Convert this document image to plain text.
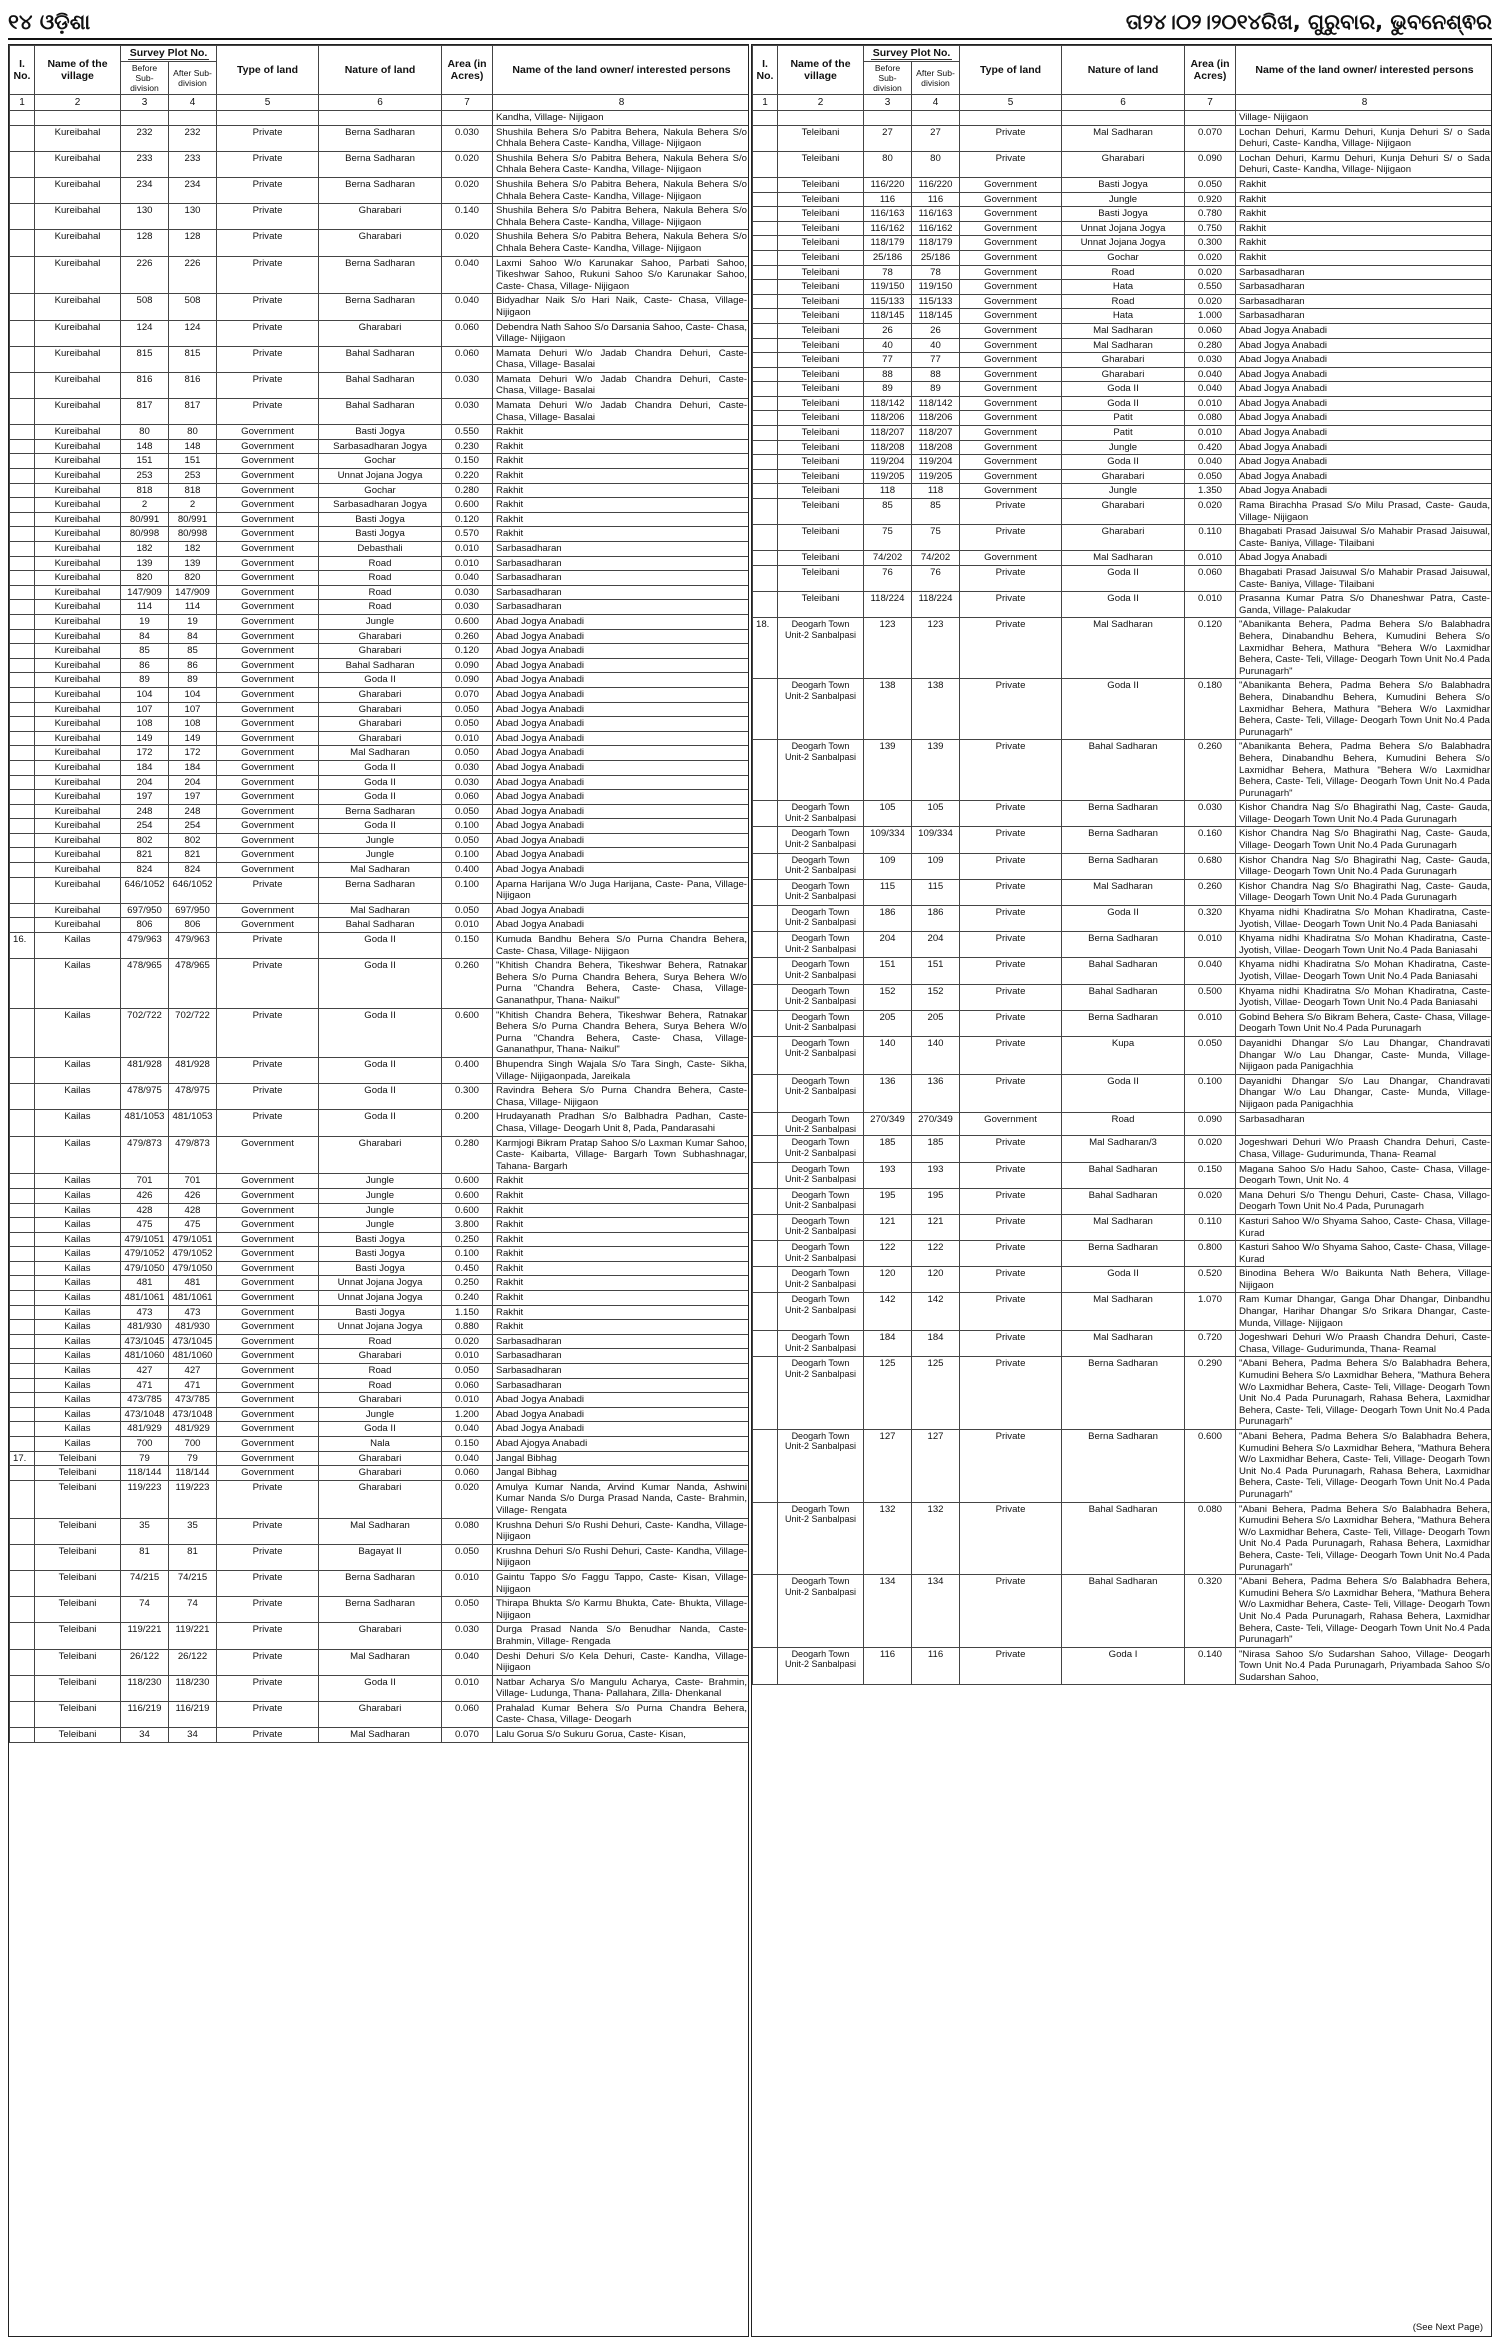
୧୪ ଓଡ଼ିଶା	ତା୨୪।୦୨।୨୦୧୪ରିଖ, ଗୁରୁବାର, ଭୁବନେଶ୍ଵର
I. No.	Name of the village	Survey Plot No.		Type of land	Nature of land	Area (in Acres)	Name of the land owner/ interested persons
		Before Sub-division	After Sub-division				
1	2	3	4	5	6	7	8
							Kandha, Village- Nijigaon
	Kureibahal	232	232	Private	Berna Sadharan	0.030	Shushila Behera S/o Pabitra Behera, Nakula Behera S/o Chhala Behera Caste- Kandha, Village- Nijigaon
	Kureibahal	233	233	Private	Berna Sadharan	0.020	Shushila Behera S/o Pabitra Behera, Nakula Behera S/o Chhala Behera Caste- Kandha, Village- Nijigaon
	Kureibahal	234	234	Private	Berna Sadharan	0.020	Shushila Behera S/o Pabitra Behera, Nakula Behera S/o Chhala Behera Caste- Kandha, Village- Nijigaon
	Kureibahal	130	130	Private	Gharabari	0.140	Shushila Behera S/o Pabitra Behera, Nakula Behera S/o Chhala Behera Caste- Kandha, Village- Nijigaon
	Kureibahal	128	128	Private	Gharabari	0.020	Shushila Behera S/o Pabitra Behera, Nakula Behera S/o Chhala Behera Caste- Kandha, Village- Nijigaon
	Kureibahal	226	226	Private	Berna Sadharan	0.040	Laxmi Sahoo W/o Karunakar Sahoo, Parbati Sahoo, Tikeshwar Sahoo, Rukuni Sahoo S/o Karunakar Sahoo, Caste- Chasa, Village- Nijigaon
	Kureibahal	508	508	Private	Berna Sadharan	0.040	Bidyadhar Naik S/o Hari Naik, Caste- Chasa, Village- Nijigaon
	Kureibahal	124	124	Private	Gharabari	0.060	Debendra Nath Sahoo S/o Darsania Sahoo, Caste- Chasa, Village- Nijigaon
	Kureibahal	815	815	Private	Bahal Sadharan	0.060	Mamata Dehuri W/o Jadab Chandra Dehuri, Caste- Chasa, Village- Basalai
	Kureibahal	816	816	Private	Bahal Sadharan	0.030	Mamata Dehuri W/o Jadab Chandra Dehuri, Caste- Chasa, Village- Basalai
	Kureibahal	817	817	Private	Bahal Sadharan	0.030	Mamata Dehuri W/o Jadab Chandra Dehuri, Caste- Chasa, Village- Basalai
	Kureibahal	80	80	Government	Basti Jogya	0.550	Rakhit
	Kureibahal	148	148	Government	Sarbasadharan Jogya	0.230	Rakhit
	Kureibahal	151	151	Government	Gochar	0.150	Rakhit
	Kureibahal	253	253	Government	Unnat Jojana Jogya	0.220	Rakhit
	Kureibahal	818	818	Government	Gochar	0.280	Rakhit
	Kureibahal	2	2	Government	Sarbasadharan Jogya	0.600	Rakhit
	Kureibahal	80/991	80/991	Government	Basti Jogya	0.120	Rakhit
	Kureibahal	80/998	80/998	Government	Basti Jogya	0.570	Rakhit
	Kureibahal	182	182	Government	Debasthali	0.010	Sarbasadharan
	Kureibahal	139	139	Government	Road	0.010	Sarbasadharan
	Kureibahal	820	820	Government	Road	0.040	Sarbasadharan
	Kureibahal	147/909	147/909	Government	Road	0.030	Sarbasadharan
	Kureibahal	114	114	Government	Road	0.030	Sarbasadharan
	Kureibahal	19	19	Government	Jungle	0.600	Abad Jogya Anabadi
	Kureibahal	84	84	Government	Gharabari	0.260	Abad Jogya Anabadi
	Kureibahal	85	85	Government	Gharabari	0.120	Abad Jogya Anabadi
	Kureibahal	86	86	Government	Bahal Sadharan	0.090	Abad Jogya Anabadi
	Kureibahal	89	89	Government	Goda II	0.090	Abad Jogya Anabadi
	Kureibahal	104	104	Government	Gharabari	0.070	Abad Jogya Anabadi
	Kureibahal	107	107	Government	Gharabari	0.050	Abad Jogya Anabadi
	Kureibahal	108	108	Government	Gharabari	0.050	Abad Jogya Anabadi
	Kureibahal	149	149	Government	Gharabari	0.010	Abad Jogya Anabadi
	Kureibahal	172	172	Government	Mal Sadharan	0.050	Abad Jogya Anabadi
	Kureibahal	184	184	Government	Goda II	0.030	Abad Jogya Anabadi
	Kureibahal	204	204	Government	Goda II	0.030	Abad Jogya Anabadi
	Kureibahal	197	197	Government	Goda II	0.060	Abad Jogya Anabadi
	Kureibahal	248	248	Government	Berna Sadharan	0.050	Abad Jogya Anabadi
	Kureibahal	254	254	Government	Goda II	0.100	Abad Jogya Anabadi
	Kureibahal	802	802	Government	Jungle	0.050	Abad Jogya Anabadi
	Kureibahal	821	821	Government	Jungle	0.100	Abad Jogya Anabadi
	Kureibahal	824	824	Government	Mal Sadharan	0.400	Abad Jogya Anabadi
	Kureibahal	646/1052	646/1052	Private	Berna Sadharan	0.100	Aparna Harijana W/o Juga Harijana, Caste- Pana, Village- Nijigaon
	Kureibahal	697/950	697/950	Government	Mal Sadharan	0.050	Abad Jogya Anabadi
	Kureibahal	806	806	Government	Bahal Sadharan	0.010	Abad Jogya Anabadi
16.	Kailas	479/963	479/963	Private	Goda II	0.150	Kumuda Bandhu Behera S/o Purna Chandra Behera, Caste- Chasa, Village- Nijigaon
	Kailas	478/965	478/965	Private	Goda II	0.260	"Khitish Chandra Behera, Tikeshwar Behera, Ratnakar Behera S/o Purna Chandra Behera, Surya Behera W/o Purna "Chandra Behera, Caste- Chasa, Village- Gananathpur, Thana- Naikul"
	Kailas	702/722	702/722	Private	Goda II	0.600	"Khitish Chandra Behera, Tikeshwar Behera, Ratnakar Behera S/o Purna Chandra Behera, Surya Behera W/o Purna "Chandra Behera, Caste- Chasa, Village- Gananathpur, Thana- Naikul"
	Kailas	481/928	481/928	Private	Goda II	0.400	Bhupendra Singh Wajala S/o Tara Singh, Caste- Sikha, Village- Nijigaonpada, Jareikala
	Kailas	478/975	478/975	Private	Goda II	0.300	Ravindra Behera S/o Purna Chandra Behera, Caste- Chasa, Village- Nijigaon
	Kailas	481/1053	481/1053	Private	Goda II	0.200	Hrudayanath Pradhan S/o Balbhadra Padhan, Caste- Chasa, Village- Deogarh Unit 8, Pada, Pandarasahi
	Kailas	479/873	479/873	Government	Gharabari	0.280	Karmjogi Bikram Pratap Sahoo S/o Laxman Kumar Sahoo, Caste- Kaibarta, Village- Bargarh Town Subhashnagar, Tahana- Bargarh
	Kailas	701	701	Government	Jungle	0.600	Rakhit
	Kailas	426	426	Government	Jungle	0.600	Rakhit
	Kailas	428	428	Government	Jungle	0.600	Rakhit
	Kailas	475	475	Government	Jungle	3.800	Rakhit
	Kailas	479/1051	479/1051	Government	Basti Jogya	0.250	Rakhit
	Kailas	479/1052	479/1052	Government	Basti Jogya	0.100	Rakhit
	Kailas	479/1050	479/1050	Government	Basti Jogya	0.450	Rakhit
	Kailas	481	481	Government	Unnat Jojana Jogya	0.250	Rakhit
	Kailas	481/1061	481/1061	Government	Unnat Jojana Jogya	0.240	Rakhit
	Kailas	473	473	Government	Basti Jogya	1.150	Rakhit
	Kailas	481/930	481/930	Government	Unnat Jojana Jogya	0.880	Rakhit
	Kailas	473/1045	473/1045	Government	Road	0.020	Sarbasadharan
	Kailas	481/1060	481/1060	Government	Gharabari	0.010	Sarbasadharan
	Kailas	427	427	Government	Road	0.050	Sarbasadharan
	Kailas	471	471	Government	Road	0.060	Sarbasadharan
	Kailas	473/785	473/785	Government	Gharabari	0.010	Abad Jogya Anabadi
	Kailas	473/1048	473/1048	Government	Jungle	1.200	Abad Jogya Anabadi
	Kailas	481/929	481/929	Government	Goda II	0.040	Abad Jogya Anabadi
	Kailas	700	700	Government	Nala	0.150	Abad Ajogya Anabadi
17.	Teleibani	79	79	Government	Gharabari	0.040	Jangal Bibhag
	Teleibani	118/144	118/144	Government	Gharabari	0.060	Jangal Bibhag
	Teleibani	119/223	119/223	Private	Gharabari	0.020	Amulya Kumar Nanda, Arvind Kumar Nanda, Ashwini Kumar Nanda S/o Durga Prasad Nanda, Caste- Brahmin, Village- Rengata
	Teleibani	35	35	Private	Mal Sadharan	0.080	Krushna Dehuri S/o Rushi Dehuri, Caste- Kandha, Village- Nijigaon
	Teleibani	81	81	Private	Bagayat II	0.050	Krushna Dehuri S/o Rushi Dehuri, Caste- Kandha, Village- Nijigaon
	Teleibani	74/215	74/215	Private	Berna Sadharan	0.010	Gaintu Tappo S/o Faggu Tappo, Caste- Kisan, Village- Nijigaon
	Teleibani	74	74	Private	Berna Sadharan	0.050	Thirapa Bhukta S/o Karmu Bhukta, Cate- Bhukta, Village- Nijigaon
	Teleibani	119/221	119/221	Private	Gharabari	0.030	Durga Prasad Nanda S/o Benudhar Nanda, Caste- Brahmin, Village- Rengada
	Teleibani	26/122	26/122	Private	Mal Sadharan	0.040	Deshi Dehuri S/o Kela Dehuri, Caste- Kandha, Village- Nijigaon
	Teleibani	118/230	118/230	Private	Goda II	0.010	Natbar Acharya S/o Mangulu Acharya, Caste- Brahmin, Village- Ludunga, Thana- Pallahara, Zilla- Dhenkanal
	Teleibani	116/219	116/219	Private	Gharabari	0.060	Prahalad Kumar Behera S/o Purna Chandra Behera, Caste- Chasa, Village- Deogarh
	Teleibani	34	34	Private	Mal Sadharan	0.070	Lalu Gorua S/o Sukuru Gorua, Caste- Kisan,
I. No.	Name of the village	Survey Plot No.		Type of land	Nature of land	Area (in Acres)	Name of the land owner/ interested persons
		Before Sub-division	After Sub-division				
1	2	3	4	5	6	7	8
							Village- Nijigaon
	Teleibani	27	27	Private	Mal Sadharan	0.070	Lochan Dehuri, Karmu Dehuri, Kunja Dehuri S/ o Sada Dehuri, Caste- Kandha, Village- Nijigaon
	Teleibani	80	80	Private	Gharabari	0.090	Lochan Dehuri, Karmu Dehuri, Kunja Dehuri S/ o Sada Dehuri, Caste- Kandha, Village- Nijigaon
	Teleibani	116/220	116/220	Government	Basti Jogya	0.050	Rakhit
	Teleibani	116	116	Government	Jungle	0.920	Rakhit
	Teleibani	116/163	116/163	Government	Basti Jogya	0.780	Rakhit
	Teleibani	116/162	116/162	Government	Unnat Jojana Jogya	0.750	Rakhit
	Teleibani	118/179	118/179	Government	Unnat Jojana Jogya	0.300	Rakhit
	Teleibani	25/186	25/186	Government	Gochar	0.020	Rakhit
	Teleibani	78	78	Government	Road	0.020	Sarbasadharan
	Teleibani	119/150	119/150	Government	Hata	0.550	Sarbasadharan
	Teleibani	115/133	115/133	Government	Road	0.020	Sarbasadharan
	Teleibani	118/145	118/145	Government	Hata	1.000	Sarbasadharan
	Teleibani	26	26	Government	Mal Sadharan	0.060	Abad Jogya Anabadi
	Teleibani	40	40	Government	Mal Sadharan	0.280	Abad Jogya Anabadi
	Teleibani	77	77	Government	Gharabari	0.030	Abad Jogya Anabadi
	Teleibani	88	88	Government	Gharabari	0.040	Abad Jogya Anabadi
	Teleibani	89	89	Government	Goda II	0.040	Abad Jogya Anabadi
	Teleibani	118/142	118/142	Government	Goda II	0.010	Abad Jogya Anabadi
	Teleibani	118/206	118/206	Government	Patit	0.080	Abad Jogya Anabadi
	Teleibani	118/207	118/207	Government	Patit	0.010	Abad Jogya Anabadi
	Teleibani	118/208	118/208	Government	Jungle	0.420	Abad Jogya Anabadi
	Teleibani	119/204	119/204	Government	Goda II	0.040	Abad Jogya Anabadi
	Teleibani	119/205	119/205	Government	Gharabari	0.050	Abad Jogya Anabadi
	Teleibani	118	118	Government	Jungle	1.350	Abad Jogya Anabadi
	Teleibani	85	85	Private	Gharabari	0.020	Rama Birachha Prasad S/o Milu Prasad, Caste- Gauda, Village- Nijigaon
	Teleibani	75	75	Private	Gharabari	0.110	Bhagabati Prasad Jaisuwal S/o Mahabir Prasad Jaisuwal, Caste- Baniya, Village- Tilaibani
	Teleibani	74/202	74/202	Government	Mal Sadharan	0.010	Abad Jogya Anabadi
	Teleibani	76	76	Private	Goda II	0.060	Bhagabati Prasad Jaisuwal S/o Mahabir Prasad Jaisuwal, Caste- Baniya, Village- Tilaibani
	Teleibani	118/224	118/224	Private	Goda II	0.010	Prasanna Kumar Patra S/o Dhaneshwar Patra, Caste- Ganda, Village- Palakudar
18.	Deogarh Town Unit-2 Sanbalpasi	123	123	Private	Mal Sadharan	0.120	"Abanikanta Behera, Padma Behera S/o Balabhadra Behera, Dinabandhu Behera, Kumudini Behera S/o Laxmidhar Behera, Mathura "Behera W/o Laxmidhar Behera, Caste- Teli, Village- Deogarh Town Unit No.4 Pada Purunagarh"
	Deogarh Town Unit-2 Sanbalpasi	138	138	Private	Goda II	0.180	"Abanikanta Behera, Padma Behera S/o Balabhadra Behera, Dinabandhu Behera, Kumudini Behera S/o Laxmidhar Behera, Mathura "Behera W/o Laxmidhar Behera, Caste- Teli, Village- Deogarh Town Unit No.4 Pada Purunagarh"
	Deogarh Town Unit-2 Sanbalpasi	139	139	Private	Bahal Sadharan	0.260	"Abanikanta Behera, Padma Behera S/o Balabhadra Behera, Dinabandhu Behera, Kumudini Behera S/o Laxmidhar Behera, Mathura "Behera W/o Laxmidhar Behera, Caste- Teli, Village- Deogarh Town Unit No.4 Pada Purunagarh"
	Deogarh Town Unit-2 Sanbalpasi	105	105	Private	Berna Sadharan	0.030	Kishor Chandra Nag S/o Bhagirathi Nag, Caste- Gauda, Village- Deogarh Town Unit No.4 Pada Gurunagarh
	Deogarh Town Unit-2 Sanbalpasi	109/334	109/334	Private	Berna Sadharan	0.160	Kishor Chandra Nag S/o Bhagirathi Nag, Caste- Gauda, Village- Deogarh Town Unit No.4 Pada Gurunagarh
	Deogarh Town Unit-2 Sanbalpasi	109	109	Private	Berna Sadharan	0.680	Kishor Chandra Nag S/o Bhagirathi Nag, Caste- Gauda, Village- Deogarh Town Unit No.4 Pada Gurunagarh
	Deogarh Town Unit-2 Sanbalpasi	115	115	Private	Mal Sadharan	0.260	Kishor Chandra Nag S/o Bhagirathi Nag, Caste- Gauda, Village- Deogarh Town Unit No.4 Pada Gurunagarh
	Deogarh Town Unit-2 Sanbalpasi	186	186	Private	Goda II	0.320	Khyama nidhi Khadiratna S/o Mohan Khadiratna, Caste- Jyotish, Villae- Deogarh Town Unit No.4 Pada Baniasahi
	Deogarh Town Unit-2 Sanbalpasi	204	204	Private	Berna Sadharan	0.010	Khyama nidhi Khadiratna S/o Mohan Khadiratna, Caste- Jyotish, Villae- Deogarh Town Unit No.4 Pada Baniasahi
	Deogarh Town Unit-2 Sanbalpasi	151	151	Private	Bahal Sadharan	0.040	Khyama nidhi Khadiratna S/o Mohan Khadiratna, Caste- Jyotish, Villae- Deogarh Town Unit No.4 Pada Baniasahi
	Deogarh Town Unit-2 Sanbalpasi	152	152	Private	Bahal Sadharan	0.500	Khyama nidhi Khadiratna S/o Mohan Khadiratna, Caste- Jyotish, Villae- Deogarh Town Unit No.4 Pada Baniasahi
	Deogarh Town Unit-2 Sanbalpasi	205	205	Private	Berna Sadharan	0.010	Gobind Behera S/o Bikram Behera, Caste- Chasa, Village- Deogarh Town Unit No.4 Pada Purunagarh
	Deogarh Town Unit-2 Sanbalpasi	140	140	Private	Kupa	0.050	Dayanidhi Dhangar S/o Lau Dhangar, Chandravati Dhangar W/o Lau Dhangar, Caste- Munda, Village- Nijigaon pada Panigachhia
	Deogarh Town Unit-2 Sanbalpasi	136	136	Private	Goda II	0.100	Dayanidhi Dhangar S/o Lau Dhangar, Chandravati Dhangar W/o Lau Dhangar, Caste- Munda, Village- Nijigaon pada Panigachhia
	Deogarh Town Unit-2 Sanbalpasi	270/349	270/349	Government	Road	0.090	Sarbasadharan
	Deogarh Town Unit-2 Sanbalpasi	185	185	Private	Mal Sadharan/3	0.020	Jogeshwari Dehuri W/o Praash Chandra Dehuri, Caste- Chasa, Village- Gudurimunda, Thana- Reamal
	Deogarh Town Unit-2 Sanbalpasi	193	193	Private	Bahal Sadharan	0.150	Magana Sahoo S/o Hadu Sahoo, Caste- Chasa, Village- Deogarh Town, Unit No. 4
	Deogarh Town Unit-2 Sanbalpasi	195	195	Private	Bahal Sadharan	0.020	Mana Dehuri S/o Thengu Dehuri, Caste- Chasa, Villago- Deogarh Town Unit No.4 Pada, Purunagarh
	Deogarh Town Unit-2 Sanbalpasi	121	121	Private	Mal Sadharan	0.110	Kasturi Sahoo W/o Shyama Sahoo, Caste- Chasa, Village- Kurad
	Deogarh Town Unit-2 Sanbalpasi	122	122	Private	Berna Sadharan	0.800	Kasturi Sahoo W/o Shyama Sahoo, Caste- Chasa, Village- Kurad
	Deogarh Town Unit-2 Sanbalpasi	120	120	Private	Goda II	0.520	Binodina Behera W/o Baikunta Nath Behera, Village- Nijigaon
	Deogarh Town Unit-2 Sanbalpasi	142	142	Private	Mal Sadharan	1.070	Ram Kumar Dhangar, Ganga Dhar Dhangar, Dinbandhu Dhangar, Harihar Dhangar S/o Srikara Dhangar, Caste- Munda, Village- Nijigaon
	Deogarh Town Unit-2 Sanbalpasi	184	184	Private	Mal Sadharan	0.720	Jogeshwari Dehuri W/o Praash Chandra Dehuri, Caste- Chasa, Village- Gudurimunda, Thana- Reamal
	Deogarh Town Unit-2 Sanbalpasi	125	125	Private	Berna Sadharan	0.290	"Abani Behera, Padma Behera S/o Balabhadra Behera, Kumudini Behera S/o Laxmidhar Behera, "Mathura Behera W/o Laxmidhar Behera, Caste- Teli, Village- Deogarh Town Unit No.4 Pada Purunagarh, Rahasa Behera, Laxmidhar Behera, Caste- Teli, Village- Deogarh Town Unit No.4 Pada Purunagarh"
	Deogarh Town Unit-2 Sanbalpasi	127	127	Private	Berna Sadharan	0.600	"Abani Behera, Padma Behera S/o Balabhadra Behera, Kumudini Behera S/o Laxmidhar Behera, "Mathura Behera W/o Laxmidhar Behera, Caste- Teli, Village- Deogarh Town Unit No.4 Pada Purunagarh, Rahasa Behera, Laxmidhar Behera, Caste- Teli, Village- Deogarh Town Unit No.4 Pada Purunagarh"
	Deogarh Town Unit-2 Sanbalpasi	132	132	Private	Bahal Sadharan	0.080	"Abani Behera, Padma Behera S/o Balabhadra Behera, Kumudini Behera S/o Laxmidhar Behera, "Mathura Behera W/o Laxmidhar Behera, Caste- Teli, Village- Deogarh Town Unit No.4 Pada Purunagarh, Rahasa Behera, Laxmidhar Behera, Caste- Teli, Village- Deogarh Town Unit No.4 Pada Purunagarh"
	Deogarh Town Unit-2 Sanbalpasi	134	134	Private	Bahal Sadharan	0.320	"Abani Behera, Padma Behera S/o Balabhadra Behera, Kumudini Behera S/o Laxmidhar Behera, "Mathura Behera W/o Laxmidhar Behera, Caste- Teli, Village- Deogarh Town Unit No.4 Pada Purunagarh, Rahasa Behera, Laxmidhar Behera, Caste- Teli, Village- Deogarh Town Unit No.4 Pada Purunagarh"
	Deogarh Town Unit-2 Sanbalpasi	116	116	Private	Goda I	0.140	"Nirasa Sahoo S/o Sudarshan Sahoo, Village- Deogarh Town Unit No.4 Pada Purunagarh, Priyambada Sahoo S/o Sudarshan Sahoo,
(See Next Page)
